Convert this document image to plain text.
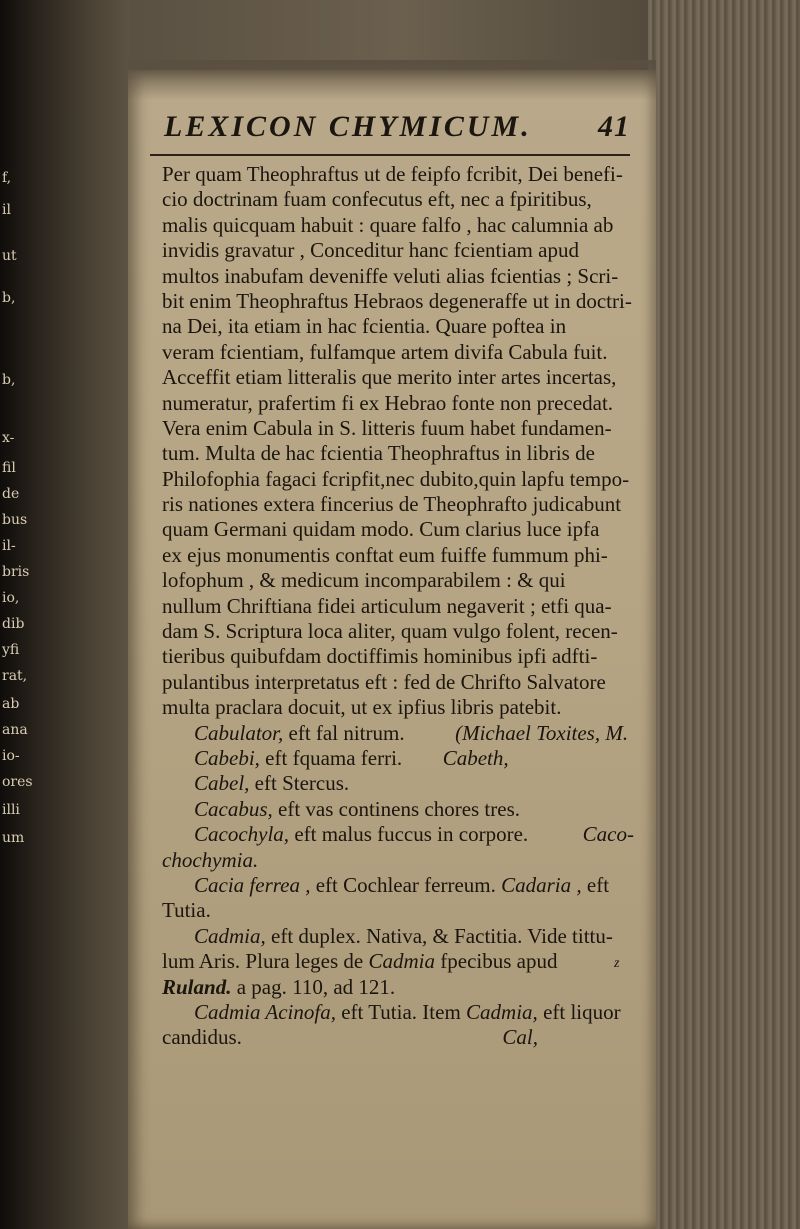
f,
il
ut
b,
b,
x-
fil
de
bus
il-
bris
io,
dib
yfi
rat,
ab
ana
io-
ores
illi
um
LEXICON CHYMICUM. 41
Per quam Theophraftus ut de feipfo fcribit, Dei benefi-
cio doctrinam fuam confecutus eft, nec a fpiritibus,
malis quicquam habuit : quare falfo , hac calumnia ab
invidis gravatur , Conceditur hanc fcientiam apud
multos inabufam deveniffe veluti alias fcientias ; Scri-
bit enim Theophraftus Hebraos degeneraffe ut in doctri-
na Dei, ita etiam in hac fcientia. Quare poftea in
veram fcientiam, fulfamque artem divifa Cabula fuit.
Acceffit etiam litteralis que merito inter artes incertas,
numeratur, prafertim fi ex Hebrao fonte non precedat.
Vera enim Cabula in S. litteris fuum habet fundamen-
tum. Multa de hac fcientia Theophraftus in libris de
Philofophia fagaci fcripfit,nec dubito,quin lapfu tempo-
ris nationes extera fincerius de Theophrafto judicabunt
quam Germani quidam modo. Cum clarius luce ipfa
ex ejus monumentis conftat eum fuiffe fummum phi-
lofophum , & medicum incomparabilem : & qui
nullum Chriftiana fidei articulum negaverit ; etfi qua-
dam S. Scriptura loca aliter, quam vulgo folent, recen-
tieribus quibufdam doctiffimis hominibus ipfi adfti-
pulantibus interpretatus eft : fed de Chrifto Salvatore
multa praclara docuit, ut ex ipfius libris patebit.
Cabulator, eft fal nitrum. (Michael Toxites, M.
Cabebi, eft fquama ferri. Cabeth,
Cabel, eft Stercus.
Cacabus, eft vas continens chores tres.
Cacochyla, eft malus fuccus in corpore.	Caco-
chochymia.
Cacia ferrea , eft Cochlear ferreum. Cadaria , eft
Tutia.
Cadmia, eft duplex. Nativa, & Factitia. Vide tittu-
lum Aris. Plura leges de Cadmia fpecibus apud
Ruland. a pag. 110, ad 121.
Cadmia Acinofa, eft Tutia. Item Cadmia, eft liquor
candidus.	Cal,
z
